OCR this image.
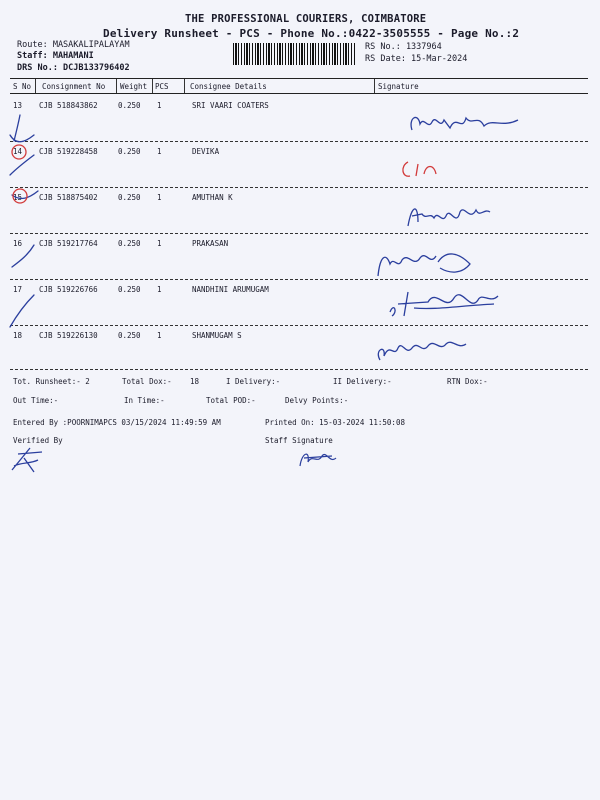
THE PROFESSIONAL COURIERS, COIMBATORE
Delivery Runsheet - PCS - Phone No.:0422-3505555 - Page No.:2
Route: MASAKALIPALAYAM
Staff: MAHAMANI
DRS No.: DCJB133796402
RS No.: 1337964
RS Date: 15-Mar-2024
S No Consignment No Weight PCS	Consignee Details	Signature
13 CJB 518843862	0.250 1	SRI VAARI COATERS
14 CJB 519228458	0.250 1	DEVIKA
15 CJB 518875402	0.250 1	AMUTHAN K
16 CJB 519217764	0.250 1	PRAKASAN
17 CJB 519226766	0.250 1	NANDHINI ARUMUGAM
18 CJB 519226130	0.250 1	SHANMUGAM S
Tot. Runsheet:- 2	Total Dox:- 18	I Delivery:-	II Delivery:-	RTN Dox:-
Out Time:-	In Time:-	Total POD:-	Delvy Points:-
Entered By :POORNIMAPCS 03/15/2024 11:49:59 AM	Printed On: 15-03-2024 11:50:08
Verified By	Staff Signature
